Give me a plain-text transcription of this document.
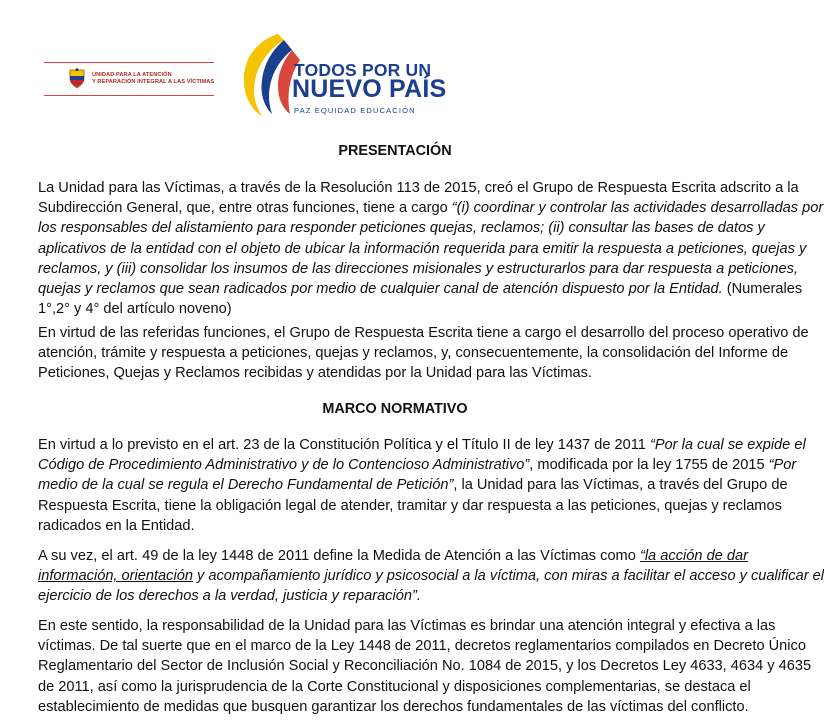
UNIDAD PARA LA ATENCIÓN
Y REPARACIÓN INTEGRAL A LAS VÍCTIMAS
TODOS POR UN
NUEVO PAÍS
PAZ EQUIDAD EDUCACIÓN
PRESENTACIÓN
La Unidad para las Víctimas, a través de la Resolución 113 de 2015, creó el Grupo de Respuesta Escrita adscrito a la
Subdirección General, que, entre otras funciones, tiene a cargo “(i) coordinar y controlar las actividades desarrolladas por
los responsables del alistamiento para responder peticiones quejas, reclamos; (ii) consultar las bases de datos y
aplicativos de la entidad con el objeto de ubicar la información requerida para emitir la respuesta a peticiones, quejas y
reclamos, y (iii) consolidar los insumos de las direcciones misionales y estructurarlos para dar respuesta a peticiones,
quejas y reclamos que sean radicados por medio de cualquier canal de atención dispuesto por la Entidad. (Numerales
1°,2° y 4° del artículo noveno)
En virtud de las referidas funciones, el Grupo de Respuesta Escrita tiene a cargo el desarrollo del proceso operativo de
atención, trámite y respuesta a peticiones, quejas y reclamos, y, consecuentemente, la consolidación del Informe de
Peticiones, Quejas y Reclamos recibidas y atendidas por la Unidad para las Víctimas.
MARCO NORMATIVO
En virtud a lo previsto en el art. 23 de la Constitución Política y el Título II de ley 1437 de 2011 “Por la cual se expide el
Código de Procedimiento Administrativo y de lo Contencioso Administrativo”, modificada por la ley 1755 de 2015 “Por
medio de la cual se regula el Derecho Fundamental de Petición”, la Unidad para las Víctimas, a través del Grupo de
Respuesta Escrita, tiene la obligación legal de atender, tramitar y dar respuesta a las peticiones, quejas y reclamos
radicados en la Entidad.
A su vez, el art. 49 de la ley 1448 de 2011 define la Medida de Atención a las Víctimas como “la acción de dar
información, orientación y acompañamiento jurídico y psicosocial a la víctima, con miras a facilitar el acceso y cualificar el
ejercicio de los derechos a la verdad, justicia y reparación”.
En este sentido, la responsabilidad de la Unidad para las Víctimas es brindar una atención integral y efectiva a las
víctimas. De tal suerte que en el marco de la Ley 1448 de 2011, decretos reglamentarios compilados en Decreto Único
Reglamentario del Sector de Inclusión Social y Reconciliación No. 1084 de 2015, y los Decretos Ley 4633, 4634 y 4635
de 2011, así como la jurisprudencia de la Corte Constitucional y disposiciones complementarias, se destaca el
establecimiento de medidas que busquen garantizar los derechos fundamentales de las víctimas del conflicto.
